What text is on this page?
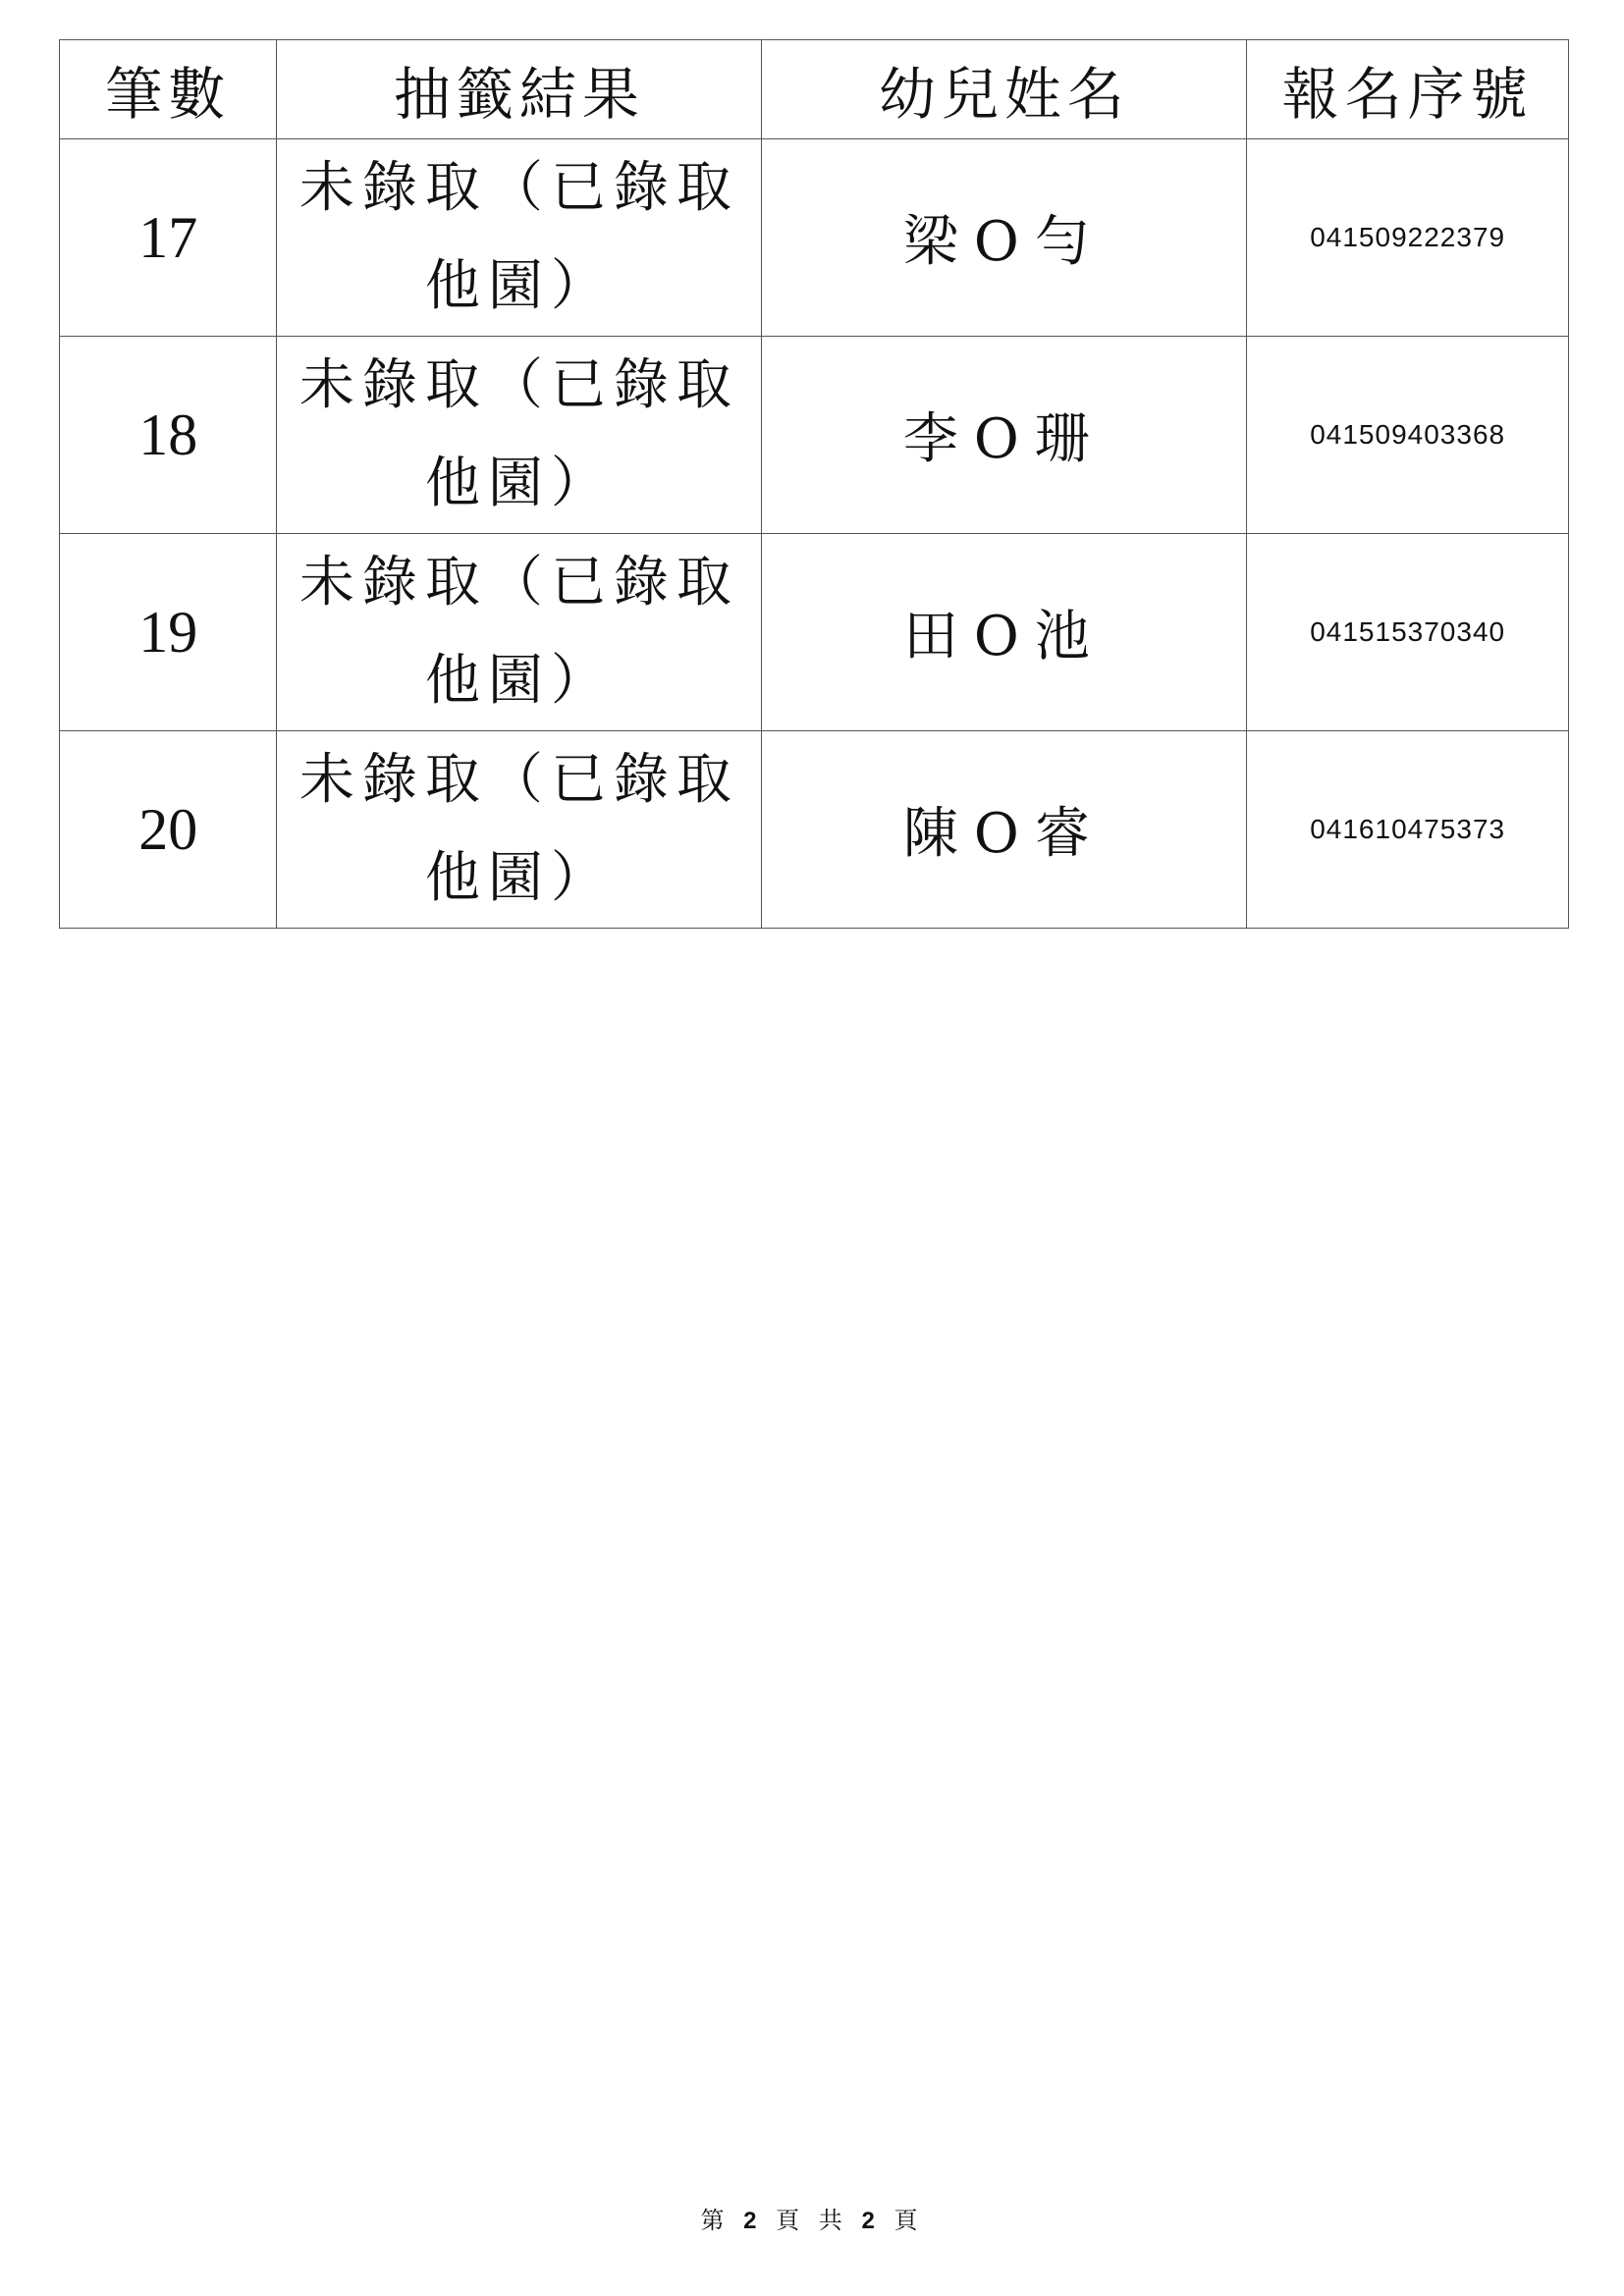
筆數	抽籤結果	幼兒姓名	報名序號
17	未錄取（已錄取他園）	梁O勻	041509222379
18	未錄取（已錄取他園）	李O珊	041509403368
19	未錄取（已錄取他園）	田O池	041515370340
20	未錄取（已錄取他園）	陳O睿	041610475373
第 2 頁 共 2 頁
